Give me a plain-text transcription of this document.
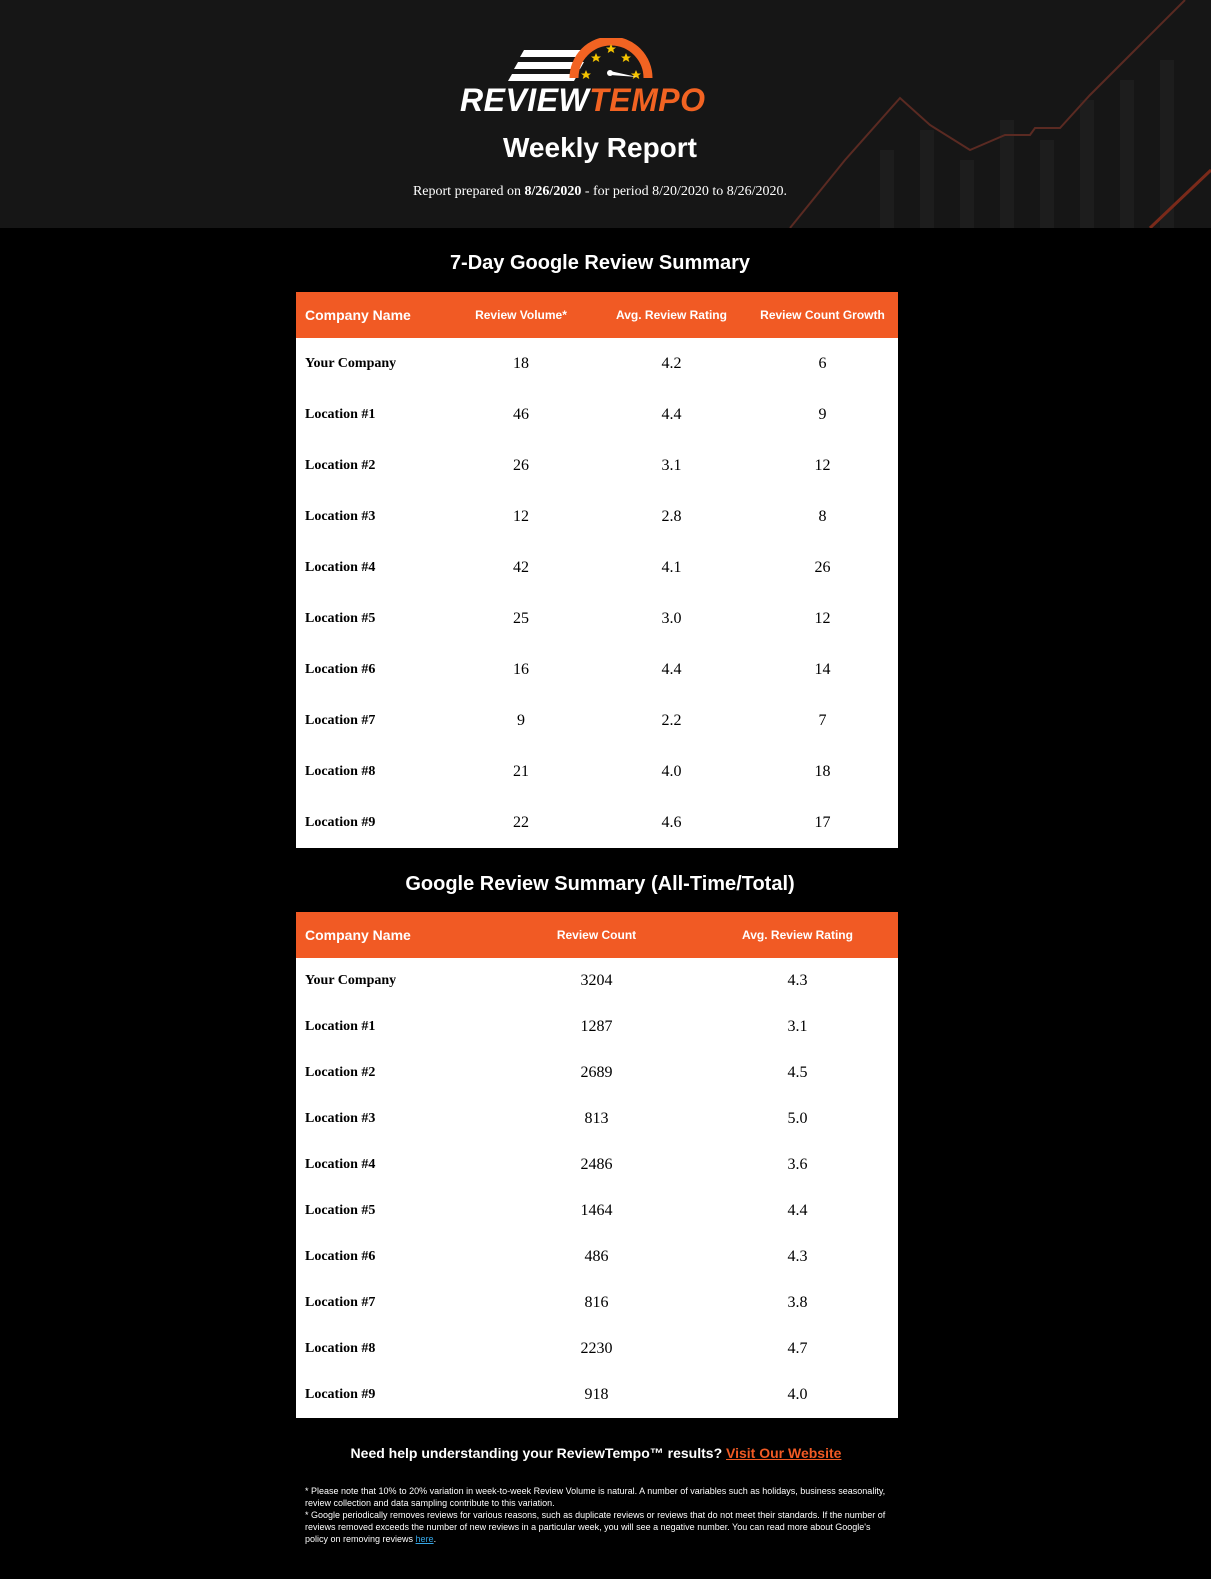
REVIEWTEMPO
Weekly Report
Report prepared on 8/26/2020 - for period 8/20/2020 to 8/26/2020.
7-Day Google Review Summary
Company Name	Review Volume*	Avg. Review Rating	Review Count Growth
Your Company	18	4.2	6
Location #1	46	4.4	9
Location #2	26	3.1	12
Location #3	12	2.8	8
Location #4	42	4.1	26
Location #5	25	3.0	12
Location #6	16	4.4	14
Location #7	9	2.2	7
Location #8	21	4.0	18
Location #9	22	4.6	17
Google Review Summary (All-Time/Total)
Company Name	Review Count	Avg. Review Rating
Your Company	3204	4.3
Location #1	1287	3.1
Location #2	2689	4.5
Location #3	813	5.0
Location #4	2486	3.6
Location #5	1464	4.4
Location #6	486	4.3
Location #7	816	3.8
Location #8	2230	4.7
Location #9	918	4.0
Need help understanding your ReviewTempo™ results? Visit Our Website

* Please note that 10% to 20% variation in week-to-week Review Volume is natural. A number of variables such as holidays, business seasonality, review collection and data sampling contribute to this variation.

* Google periodically removes reviews for various reasons, such as duplicate reviews or reviews that do not meet their standards. If the number of reviews removed exceeds the number of new reviews in a particular week, you will see a negative number. You can read more about Google's policy on removing reviews here.
